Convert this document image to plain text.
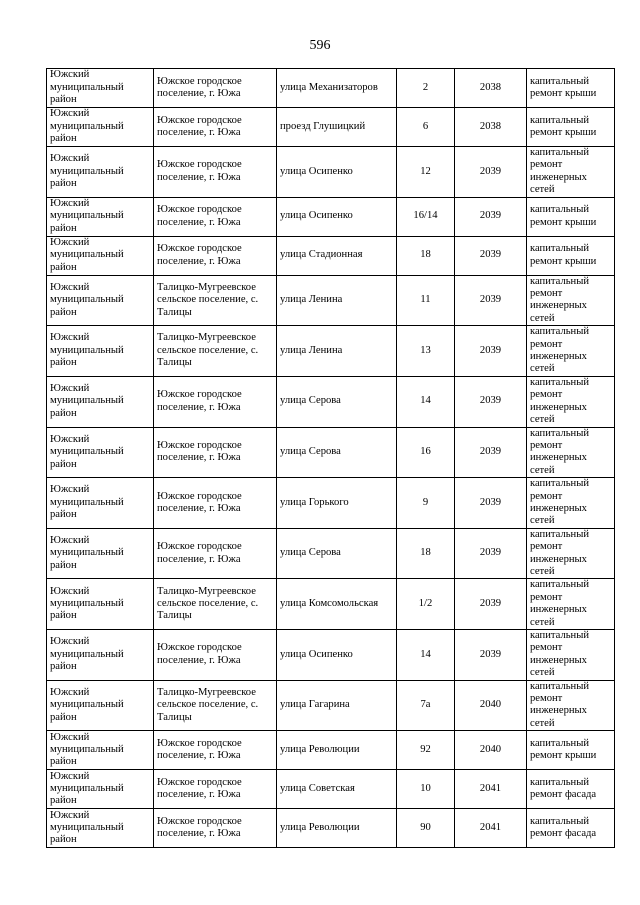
596
Южский муниципальный район	Южское городское поселение, г. Южа	улица Механизаторов	2	2038	капитальный ремонт крыши
Южский муниципальный район	Южское городское поселение, г. Южа	проезд Глушицкий	6	2038	капитальный ремонт крыши
Южский муниципальный район	Южское городское поселение, г. Южа	улица Осипенко	12	2039	капитальный ремонт инженерных сетей
Южский муниципальный район	Южское городское поселение, г. Южа	улица Осипенко	16/14	2039	капитальный ремонт крыши
Южский муниципальный район	Южское городское поселение, г. Южа	улица Стадионная	18	2039	капитальный ремонт крыши
Южский муниципальный район	Талицко-Мугреевское сельское поселение, с. Талицы	улица Ленина	11	2039	капитальный ремонт инженерных сетей
Южский муниципальный район	Талицко-Мугреевское сельское поселение, с. Талицы	улица Ленина	13	2039	капитальный ремонт инженерных сетей
Южский муниципальный район	Южское городское поселение, г. Южа	улица Серова	14	2039	капитальный ремонт инженерных сетей
Южский муниципальный район	Южское городское поселение, г. Южа	улица Серова	16	2039	капитальный ремонт инженерных сетей
Южский муниципальный район	Южское городское поселение, г. Южа	улица Горького	9	2039	капитальный ремонт инженерных сетей
Южский муниципальный район	Южское городское поселение, г. Южа	улица Серова	18	2039	капитальный ремонт инженерных сетей
Южский муниципальный район	Талицко-Мугреевское сельское поселение, с. Талицы	улица Комсомольская	1/2	2039	капитальный ремонт инженерных сетей
Южский муниципальный район	Южское городское поселение, г. Южа	улица Осипенко	14	2039	капитальный ремонт инженерных сетей
Южский муниципальный район	Талицко-Мугреевское сельское поселение, с. Талицы	улица Гагарина	7а	2040	капитальный ремонт инженерных сетей
Южский муниципальный район	Южское городское поселение, г. Южа	улица Революции	92	2040	капитальный ремонт крыши
Южский муниципальный район	Южское городское поселение, г. Южа	улица Советская	10	2041	капитальный ремонт фасада
Южский муниципальный район	Южское городское поселение, г. Южа	улица Революции	90	2041	капитальный ремонт фасада
